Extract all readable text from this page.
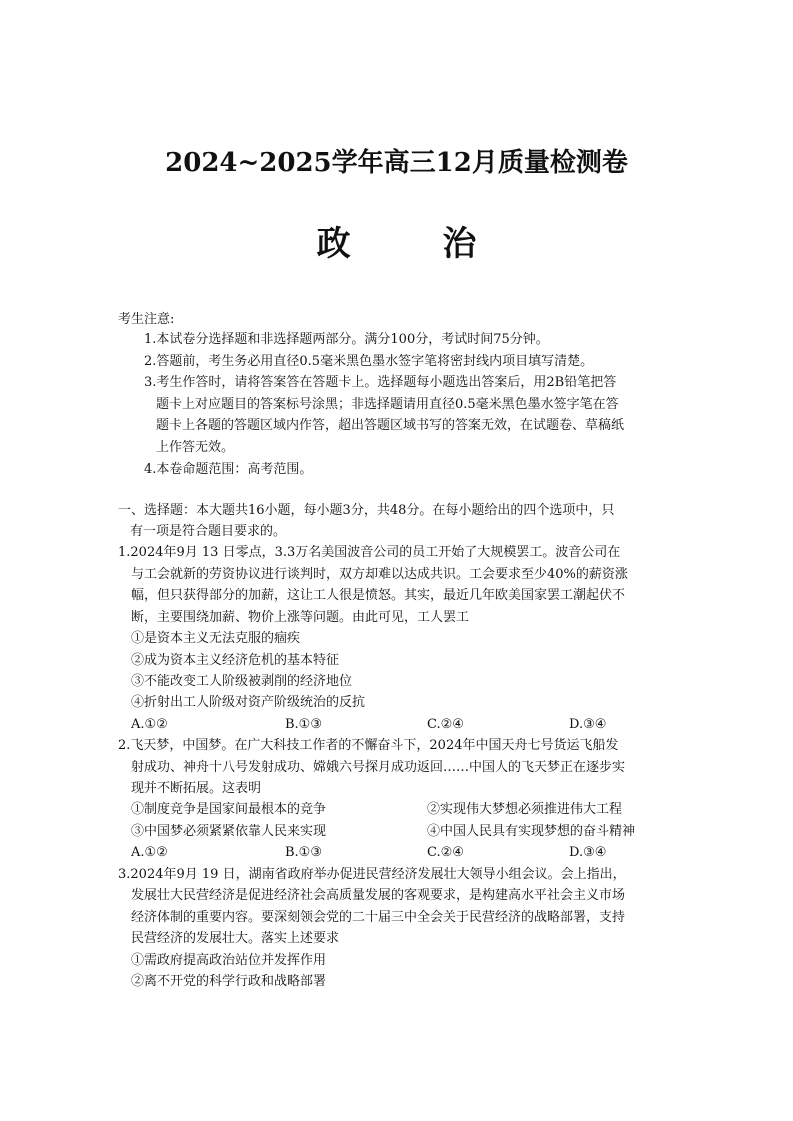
2024~2025学年高三12月质量检测卷
政 治
考生注意:
1.本试卷分选择题和非选择题两部分。满分100分，考试时间75分钟。
2.答题前，考生务必用直径0.5毫米黑色墨水签字笔将密封线内项目填写清楚。
3.考生作答时，请将答案答在答题卡上。选择题每小题选出答案后，用2B铅笔把答
题卡上对应题目的答案标号涂黑；非选择题请用直径0.5毫米黑色墨水签字笔在答
题卡上各题的答题区域内作答，超出答题区域书写的答案无效，在试题卷、草稿纸
上作答无效。
4.本卷命题范围：高考范围。
一、选择题：本大题共16小题，每小题3分，共48分。在每小题给出的四个选项中，只
有一项是符合题目要求的。
1.2024年9月 13 日零点，3.3万名美国波音公司的员工开始了大规模罢工。波音公司在
与工会就新的劳资协议进行谈判时，双方却难以达成共识。工会要求至少40%的薪资涨
幅，但只获得部分的加薪，这让工人很是愤怒。其实，最近几年欧美国家罢工潮起伏不
断，主要围绕加薪、物价上涨等问题。由此可见，工人罢工
①是资本主义无法克服的痼疾
②成为资本主义经济危机的基本特征
③不能改变工人阶级被剥削的经济地位
④折射出工人阶级对资产阶级统治的反抗
A.①②	B.①③	C.②④	D.③④
2.飞天梦，中国梦。在广大科技工作者的不懈奋斗下，2024年中国天舟七号货运飞船发
射成功、神舟十八号发射成功、嫦娥六号探月成功返回……中国人的飞天梦正在逐步实
现并不断拓展。这表明
①制度竞争是国家间最根本的竞争	②实现伟大梦想必须推进伟大工程
③中国梦必须紧紧依靠人民来实现	④中国人民具有实现梦想的奋斗精神
A.①②	B.①③	C.②④	D.③④
3.2024年9月 19 日，湖南省政府举办促进民营经济发展壮大领导小组会议。会上指出，
发展壮大民营经济是促进经济社会高质量发展的客观要求，是构建高水平社会主义市场
经济体制的重要内容。要深刻领会党的二十届三中全会关于民营经济的战略部署，支持
民营经济的发展壮大。落实上述要求
①需政府提高政治站位并发挥作用
②离不开党的科学行政和战略部署
